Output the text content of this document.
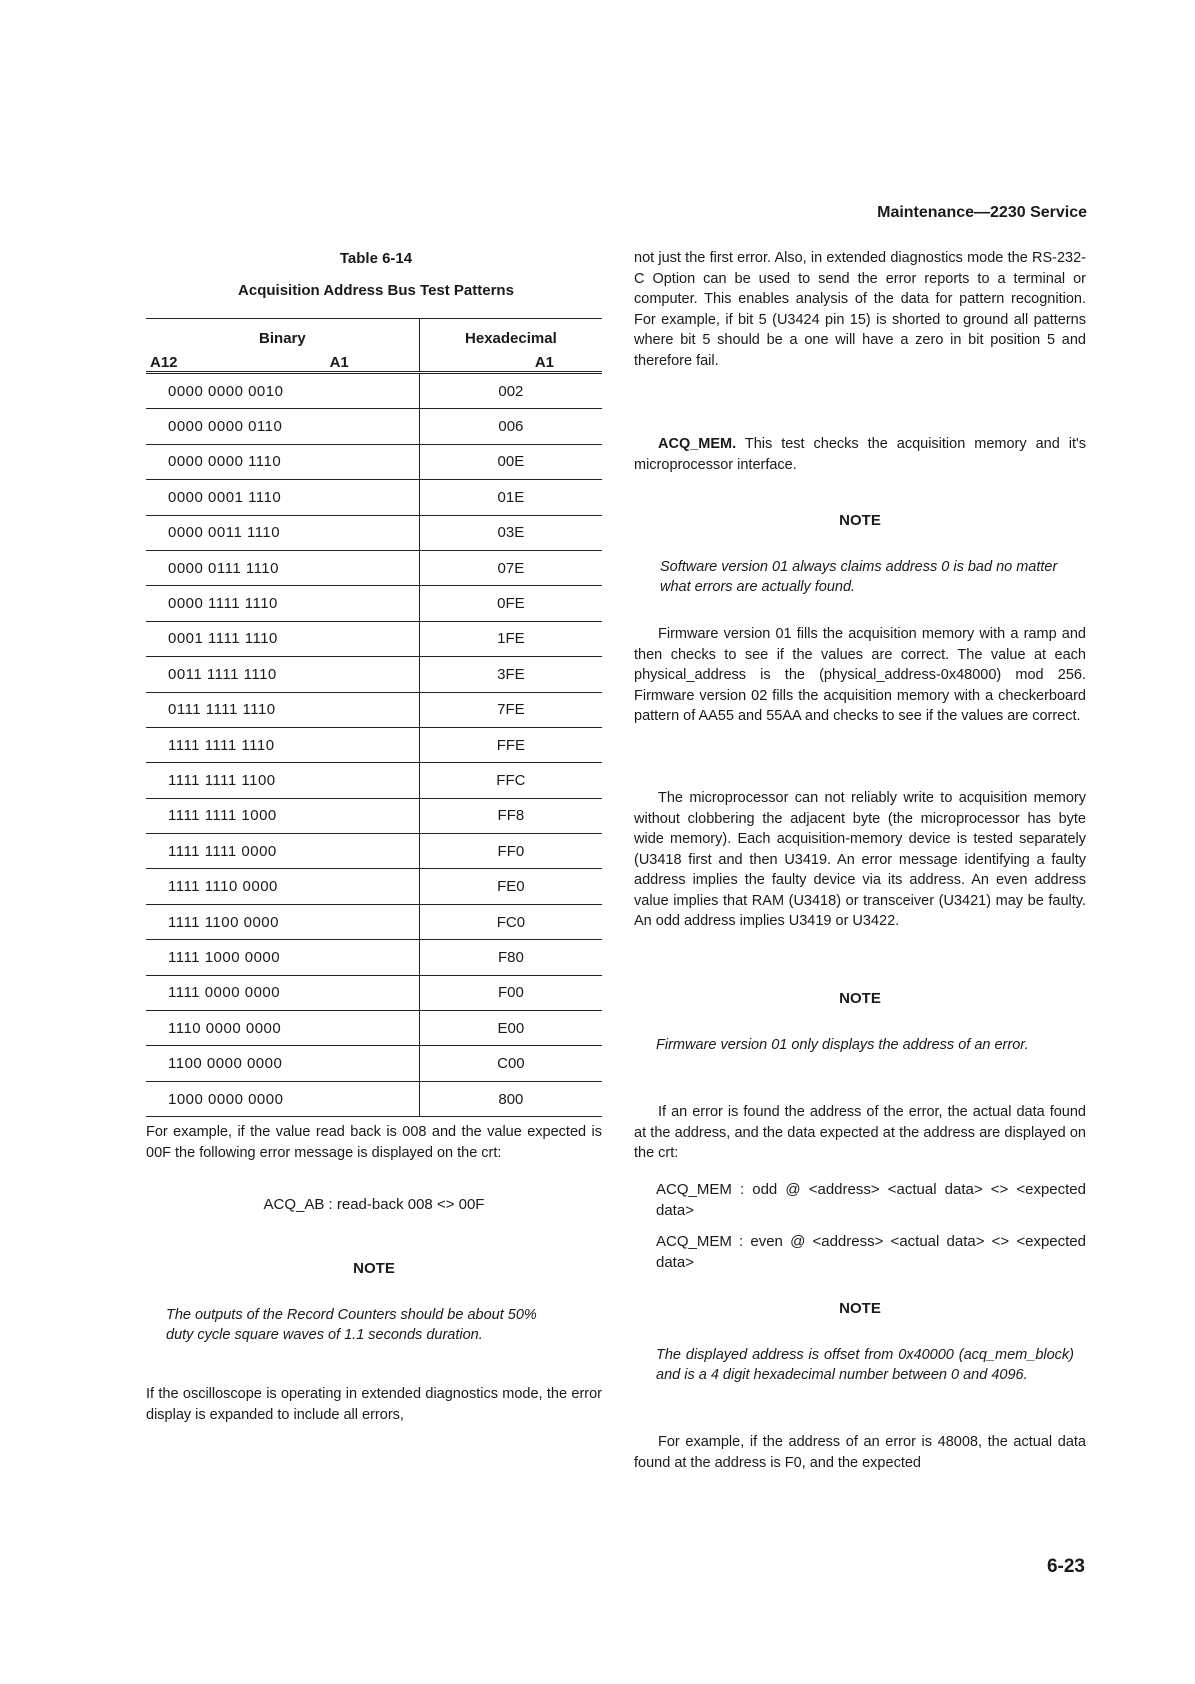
Maintenance—2230 Service
Table 6-14
Acquisition Address Bus Test Patterns
Binary	Hexadecimal

A12 A1	A1

0000 0000 0010	002
0000 0000 0110	006
0000 0000 1110	00E
0000 0001 1110	01E
0000 0011 1110	03E
0000 0111 1110	07E
0000 1111 1110	0FE
0001 1111 1110	1FE
0011 1111 1110	3FE
0111 1111 1110	7FE
1111 1111 1110	FFE
1111 1111 1100	FFC
1111 1111 1000	FF8
1111 1111 0000	FF0
1111 1110 0000	FE0
1111 1100 0000	FC0
1111 1000 0000	F80
1111 0000 0000	F00
1110 0000 0000	E00
1100 0000 0000	C00
1000 0000 0000	800

For example, if the value read back is 008 and the value expected is 00F the following error message is displayed on the crt:

ACQ_AB : read-back 008 <> 00F
NOTE

The outputs of the Record Counters should be about 50% duty cycle square waves of 1.1 seconds duration.

If the oscilloscope is operating in extended diagnostics mode, the error display is expanded to include all errors,

not just the first error. Also, in extended diagnostics mode the RS-232-C Option can be used to send the error reports to a terminal or computer. This enables analysis of the data for pattern recognition. For example, if bit 5 (U3424 pin 15) is shorted to ground all patterns where bit 5 should be a one will have a zero in bit position 5 and therefore fail.

ACQ_MEM. This test checks the acquisition memory and it's microprocessor interface.

NOTE

Software version 01 always claims address 0 is bad no matter what errors are actually found.

Firmware version 01 fills the acquisition memory with a ramp and then checks to see if the values are correct. The value at each physical_address is the (physical_address-0x48000) mod 256. Firmware version 02 fills the acquisition memory with a checkerboard pattern of AA55 and 55AA and checks to see if the values are correct.

The microprocessor can not reliably write to acquisition memory without clobbering the adjacent byte (the microprocessor has byte wide memory). Each acquisition-memory device is tested separately (U3418 first and then U3419. An error message identifying a faulty address implies the faulty device via its address. An even address value implies that RAM (U3418) or transceiver (U3421) may be faulty. An odd address implies U3419 or U3422.

NOTE

Firmware version 01 only displays the address of an error.

If an error is found the address of the error, the actual data found at the address, and the data expected at the address are displayed on the crt:

ACQ_MEM : odd @ <address> <actual data> <> <expected data>

ACQ_MEM : even @ <address> <actual data> <> <expected data>

NOTE

The displayed address is offset from 0x40000 (acq_mem_block) and is a 4 digit hexadecimal number between 0 and 4096.

For example, if the address of an error is 48008, the actual data found at the address is F0, and the expected

6-23
